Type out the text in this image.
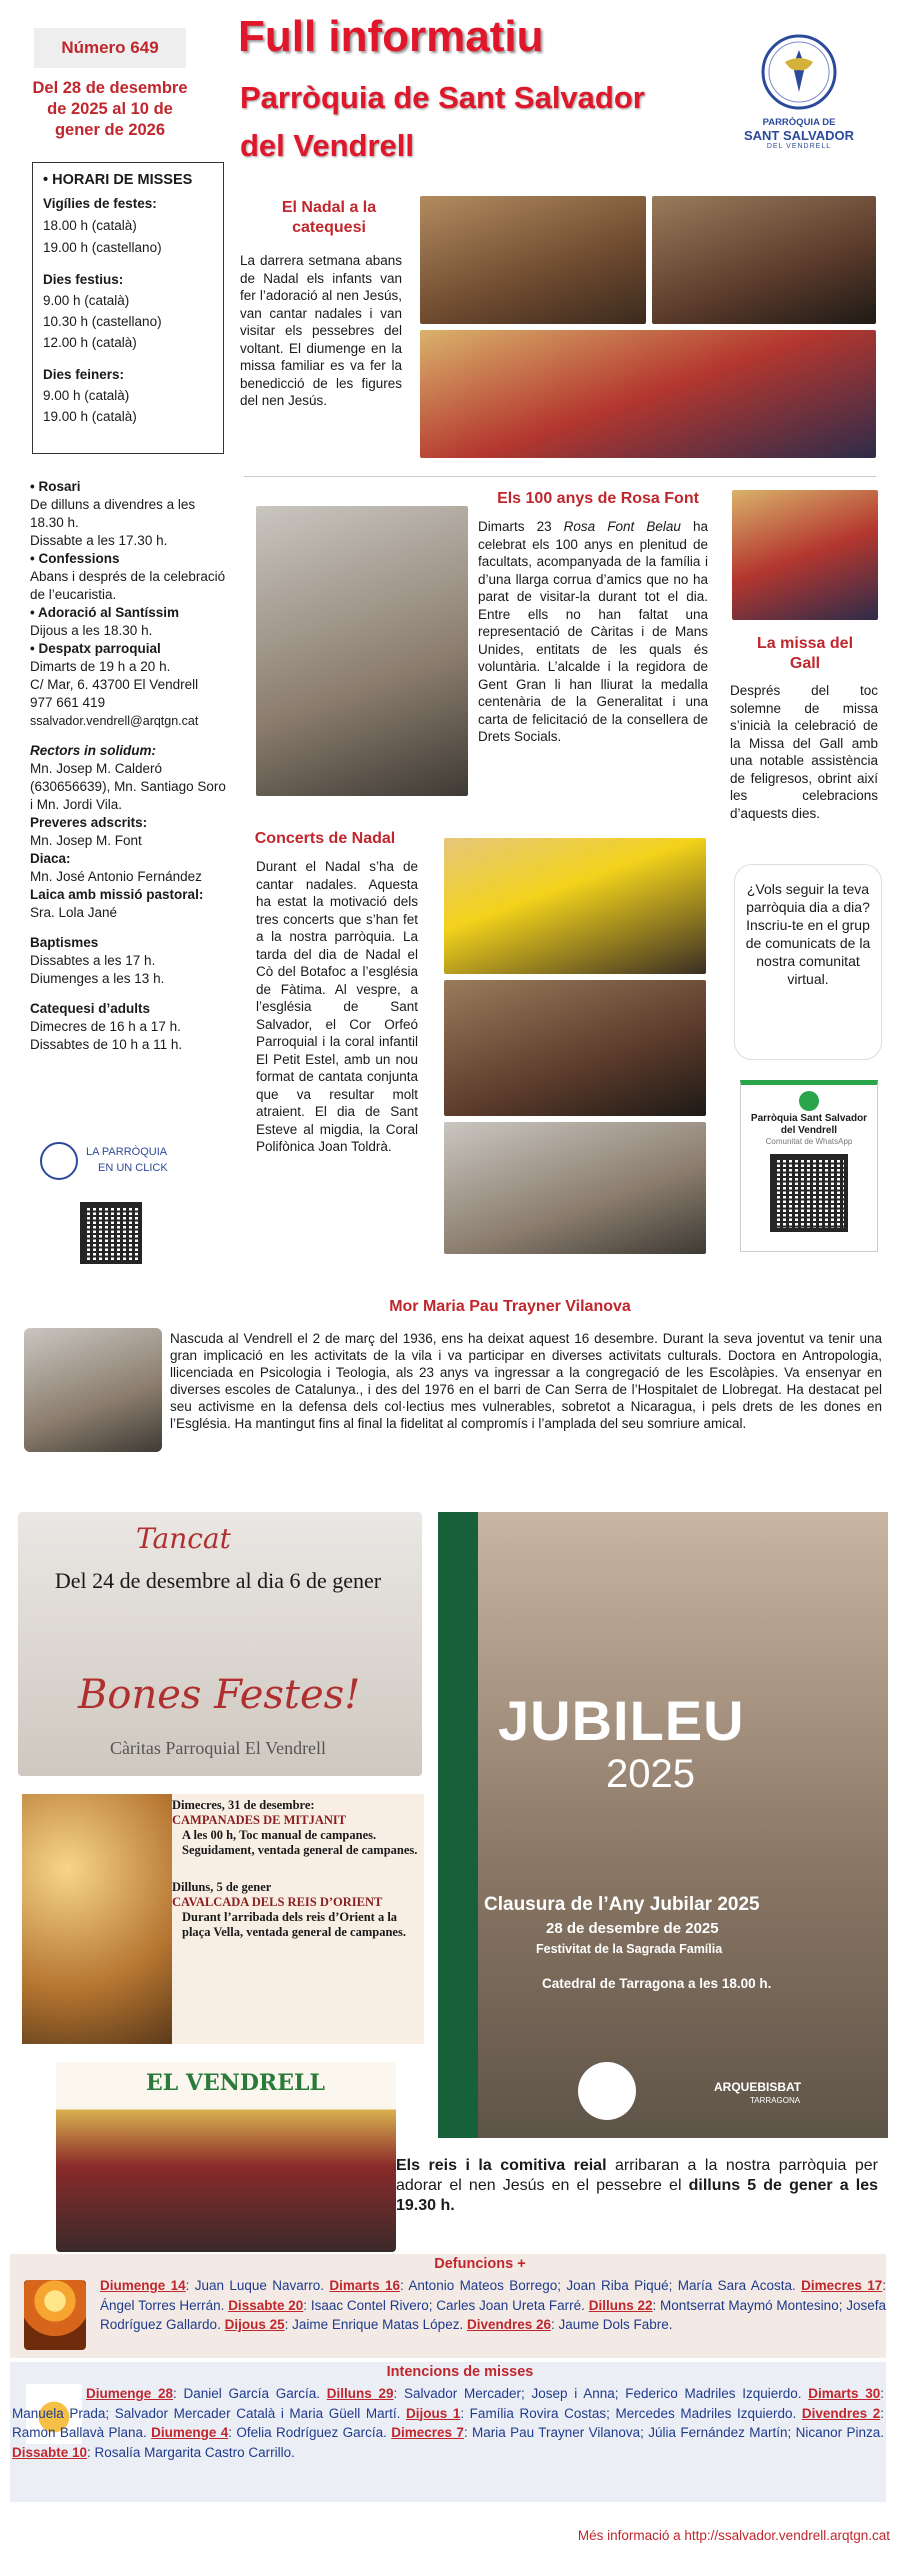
Número 649
Del 28 de desembre de 2025 al 10 de gener de 2026
Full informatiu
Parròquia de Sant Salvador
del Vendrell
PARRÒQUIA DE
SANT SALVADOR
DEL VENDRELL

• HORARI DE MISSES

Vigílies de festes:

18.00 h (català)

19.00 h (castellano)

Dies festius:

9.00 h (català)

10.30 h (castellano)

12.00 h (català)

Dies feiners:

9.00 h (català)

19.00 h (català)

• Rosari

De dilluns a divendres a les 18.30 h.

Dissabte a les 17.30 h.

• Confessions

Abans i després de la celebració de l’eucaristia.

• Adoració al Santíssim

Dijous a les 18.30 h.

• Despatx parroquial

Dimarts de 19 h a 20 h.

C/ Mar, 6. 43700 El Vendrell

977 661 419

ssalvador.vendrell@arqtgn.cat

Rectors in solidum:

Mn. Josep M. Calderó (630656639), Mn. Santiago Soro i Mn. Jordi Vila.

Preveres adscrits:

Mn. Josep M. Font

Diaca:

Mn. José Antonio Fernández

Laica amb missió pastoral:

Sra. Lola Jané

Baptismes

Dissabtes a les 17 h.

Diumenges a les 13 h.

Catequesi d’adults

Dimecres de 16 h a 17 h.

Dissabtes de 10 h a 11 h.

LA PARRÒQUIA
EN UN CLICK
El Nadal a la catequesi
La darrera setmana abans de Nadal els infants van fer l’adoració al nen Jesús, van cantar nadales i van visitar els pessebres del voltant. El diumenge en la missa familiar es va fer la benedicció de les figures del nen Jesús.
Els 100 anys de Rosa Font
Dimarts 23 Rosa Font Belau ha celebrat els 100 anys en plenitud de facultats, acompanyada de la família i d’una llarga corrua d’amics que no ha parat de visitar-la durant tot el dia. Entre ells no han faltat una representació de Càritas i de Mans Unides, entitats de les quals és voluntària. L’alcalde i la regidora de Gent Gran li han lliurat la medalla centenària de la Generalitat i una carta de felicitació de la consellera de Drets Socials.
La missa del Gall
Després del toc solemne de missa s’inicià la celebració de la Missa del Gall amb una notable assistència de feligresos, obrint així les celebracions d’aquests dies.
Concerts de Nadal
Durant el Nadal s’ha de cantar nadales. Aquesta ha estat la motivació dels tres concerts que s’han fet a la nostra parròquia. La tarda del dia de Nadal el Cò del Botafoc a l’església de Fàtima. Al vespre, a l’església de Sant Salvador, el Cor Orfeó Parroquial i la coral infantil El Petit Estel, amb un nou format de cantata conjunta que va resultar molt atraient. El dia de Sant Esteve al migdia, la Coral Polifònica Joan Toldrà.
¿Vols seguir la teva parròquia dia a dia? Inscriu-te en el grup de comunicats de la nostra comunitat virtual.
Parròquia Sant Salvador del Vendrell
Comunitat de WhatsApp
Mor Maria Pau Trayner Vilanova

Nascuda al Vendrell el 2 de març del 1936, ens ha deixat aquest 16 desembre. Durant la seva joventut va tenir una gran implicació en les activitats de la vila i va participar en diverses activitats culturals. Doctora en Antropologia, llicenciada en Psicologia i Teologia, als 23 anys va ingressar a la congregació de les Escolàpies. Va ensenyar en diverses escoles de Catalunya., i des del 1976 en el barri de Can Serra de l’Hospitalet de Llobregat. Ha destacat pel seu activisme en la defensa dels col·lectius mes vulnerables, sobretot a Nicaragua, i pels drets de les dones en l’Església. Ha mantingut fins al final la fidelitat al compromís i l’amplada del seu somriure amical.

Tancat
Del 24 de desembre al dia 6 de gener
Bones Festes!
Càritas Parroquial El Vendrell
Dimecres, 31 de desembre:
CAMPANADES DE MITJANIT
A les 00 h, Toc manual de campanes.
Seguidament, ventada general de campanes.
Dilluns, 5 de gener
CAVALCADA DELS REIS D’ORIENT
Durant l’arribada dels reis d’Orient a la plaça Vella, ventada general de campanes.
EL VENDRELL
Els reis i la comitiva reial arribaran a la nostra parròquia per adorar el nen Jesús en el pessebre el dilluns 5 de gener a les 19.30 h.
JUBILEU
2025
Clausura de l’Any Jubilar 2025
28 de desembre de 2025
Festivitat de la Sagrada Família
Catedral de Tarragona a les 18.00 h.
ARQUEBISBAT
TARRAGONA
Defuncions +

Diumenge 14: Juan Luque Navarro. Dimarts 16: Antonio Mateos Borrego; Joan Riba Piqué; María Sara Acosta. Dimecres 17: Ángel Torres Herrán. Dissabte 20: Isaac Contel Rivero; Carles Joan Ureta Farré. Dilluns 22: Montserrat Maymó Montesino; Josefa Rodríguez Gallardo. Dijous 25: Jaime Enrique Matas López. Divendres 26: Jaume Dols Fabre.

Intencions de misses

Diumenge 28: Daniel García García. Dilluns 29: Salvador Mercader; Josep i Anna; Federico Madriles Izquierdo. Dimarts 30: Manuela Prada; Salvador Mercader Català i Maria Güell Martí. Dijous 1: Família Rovira Costas; Mercedes Madriles Izquierdo. Divendres 2: Ramon Ballavà Plana. Diumenge 4: Ofelia Rodríguez García. Dimecres 7: Maria Pau Trayner Vilanova; Júlia Fernández Martín; Nicanor Pinza. Dissabte 10: Rosalía Margarita Castro Carrillo.

Més informació a http://ssalvador.vendrell.arqtgn.cat
